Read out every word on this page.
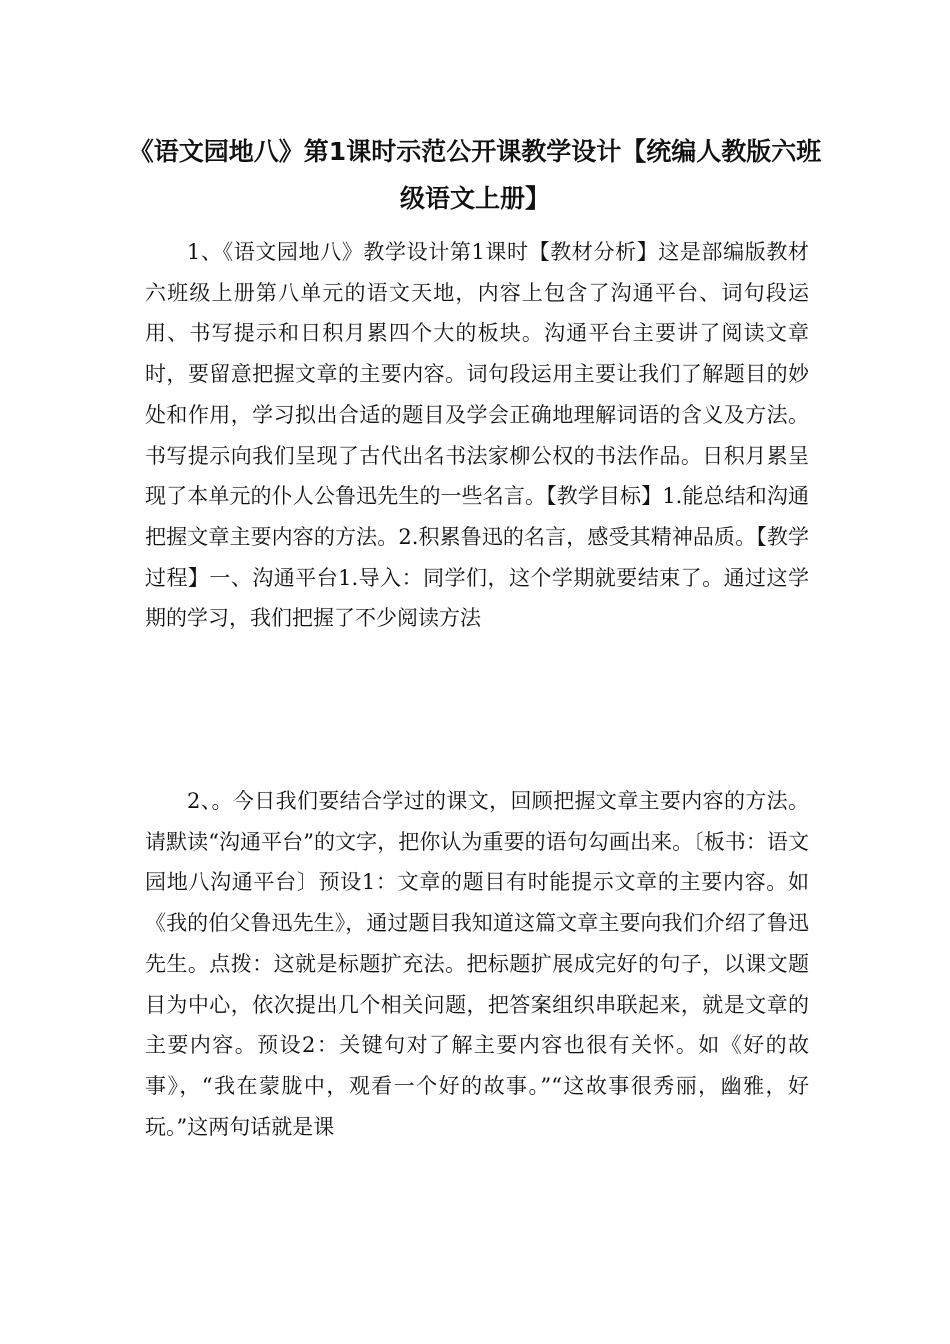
《语文园地八》第1课时示范公开课教学设计【统编人教版六班级语文上册】

1、《语文园地八》教学设计第1课时【教材分析】这是部编版教材六班级上册第八单元的语文天地，内容上包含了沟通平台、词句段运用、书写提示和日积月累四个大的板块。沟通平台主要讲了阅读文章时，要留意把握文章的主要内容。词句段运用主要让我们了解题目的妙处和作用，学习拟出合适的题目及学会正确地理解词语的含义及方法。书写提示向我们呈现了古代出名书法家柳公权的书法作品。日积月累呈现了本单元的仆人公鲁迅先生的一些名言。【教学目标】1.能总结和沟通把握文章主要内容的方法。2.积累鲁迅的名言，感受其精神品质。【教学过程】一、沟通平台1.导入：同学们，这个学期就要结束了。通过这学期的学习，我们把握了不少阅读方法

2、。今日我们要结合学过的课文，回顾把握文章主要内容的方法。请默读“沟通平台”的文字，把你认为重要的语句勾画出来。〔板书：语文园地八沟通平台〕预设1：文章的题目有时能提示文章的主要内容。如《我的伯父鲁迅先生》，通过题目我知道这篇文章主要向我们介绍了鲁迅先生。点拨：这就是标题扩充法。把标题扩展成完好的句子，以课文题目为中心，依次提出几个相关问题，把答案组织串联起来，就是文章的主要内容。预设2：关键句对了解主要内容也很有关怀。如《好的故事》，“我在蒙胧中，观看一个好的故事。”“这故事很秀丽，幽雅，好玩。”这两句话就是课
